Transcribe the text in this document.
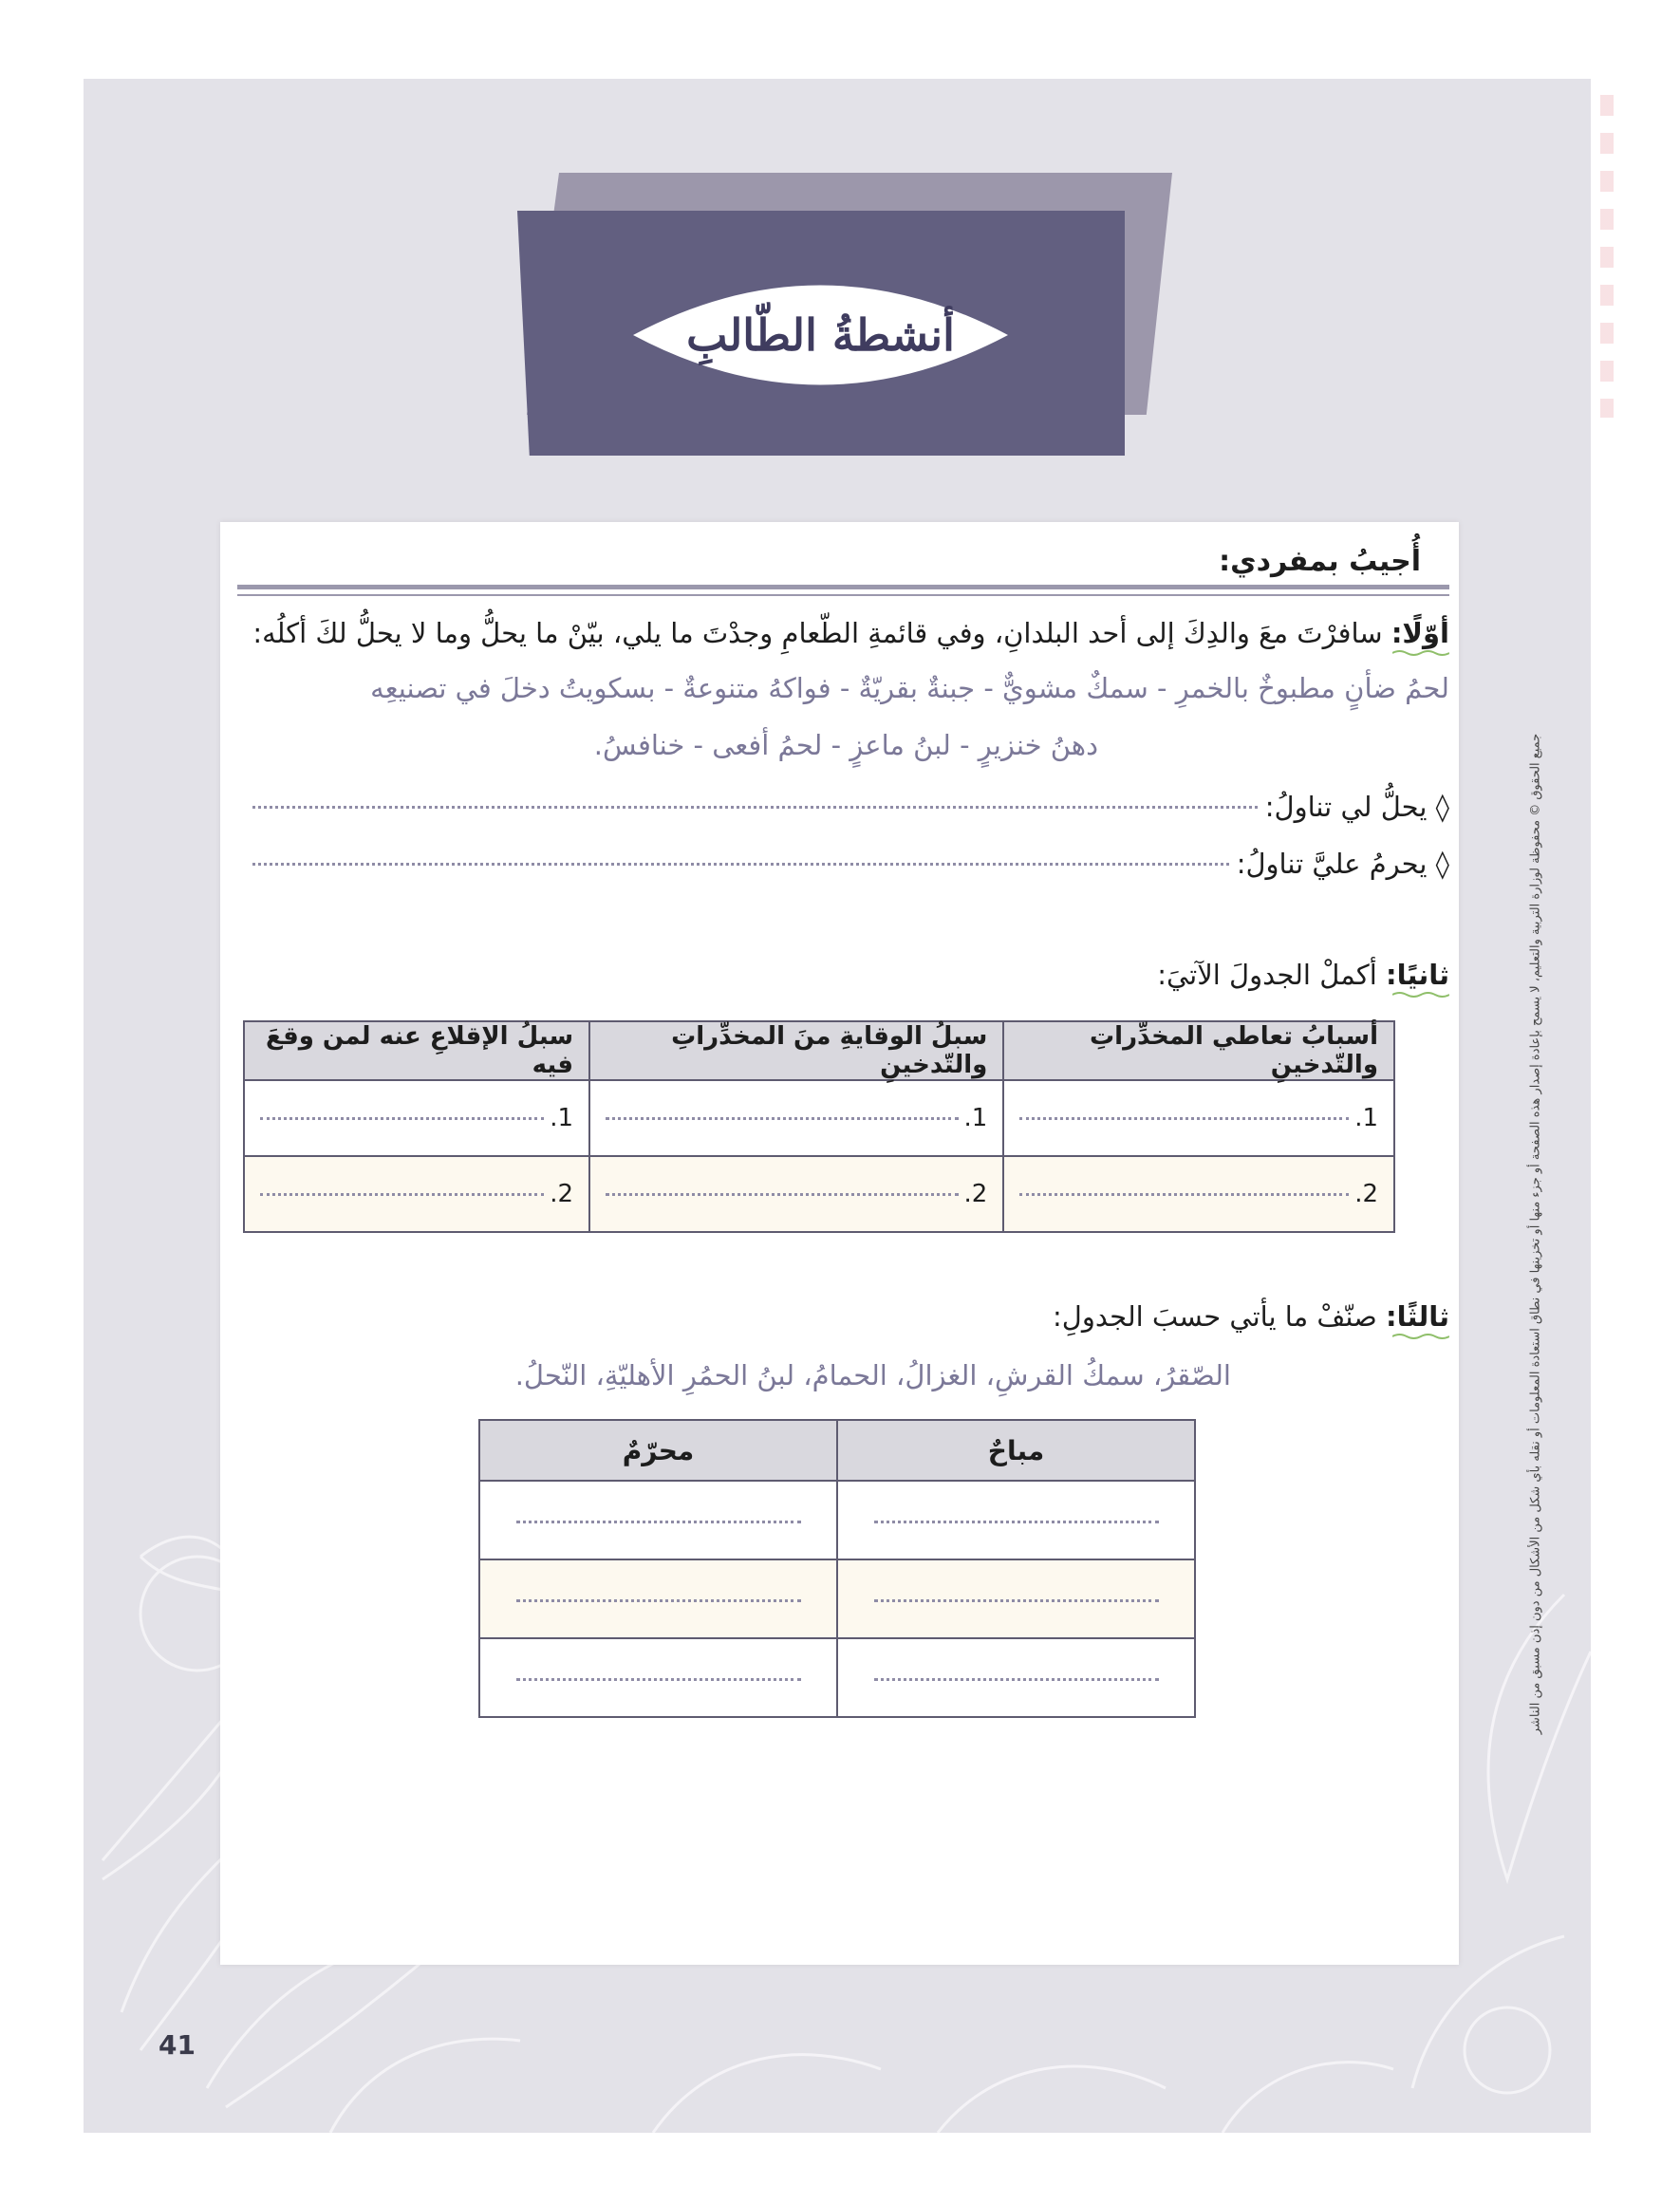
أنشطةُ الطّالبِ
أُجيبُ بمفردي:
أوّلًا: سافرْتَ معَ والدِكَ إلى أحد البلدانِ، وفي قائمةِ الطّعامِ وجدْتَ ما يلي، بيّنْ ما يحلُّ وما لا يحلُّ لكَ أكلُه:
لحمُ ضأنٍ مطبوخٌ بالخمرِ - سمكٌ مشويٌّ - جبنةٌ بقريّةٌ - فواكهُ متنوعةٌ - بسكويتُ دخلَ في تصنيعِه
دهنُ خنزيرٍ - لبنُ ماعزٍ - لحمُ أفعى - خنافسُ.
◊ يحلُّ لي تناولُ:
◊ يحرمُ عليَّ تناولُ:
ثانيًا: أكملْ الجدولَ الآتيَ:
أسبابُ تعاطي المخدِّراتِ والتّدخينِ	سبلُ الوقايةِ منَ المخدِّراتِ والتّدخينِ	سبلُ الإقلاعِ عنه لمن وقعَ فيه

1.	1.	1.

2.	2.	2.
ثالثًا: صنّفْ ما يأتي حسبَ الجدولِ:
الصّقرُ، سمكُ القرشِ، الغزالُ، الحمامُ، لبنُ الحمُرِ الأهليّةِ، النّحلُ.
مباحٌ	محرّمٌ

		جميع الحقوق © محفوظة لوزارة التربية والتعليم، لا يسمح بإعادة إصدار هذه الصفحة أو جزء منها أو تخزينها في نطاق استعادة المعلومات أو نقله بأي شكل من الأشكال من دون إذن مسبق من الناشر
41
